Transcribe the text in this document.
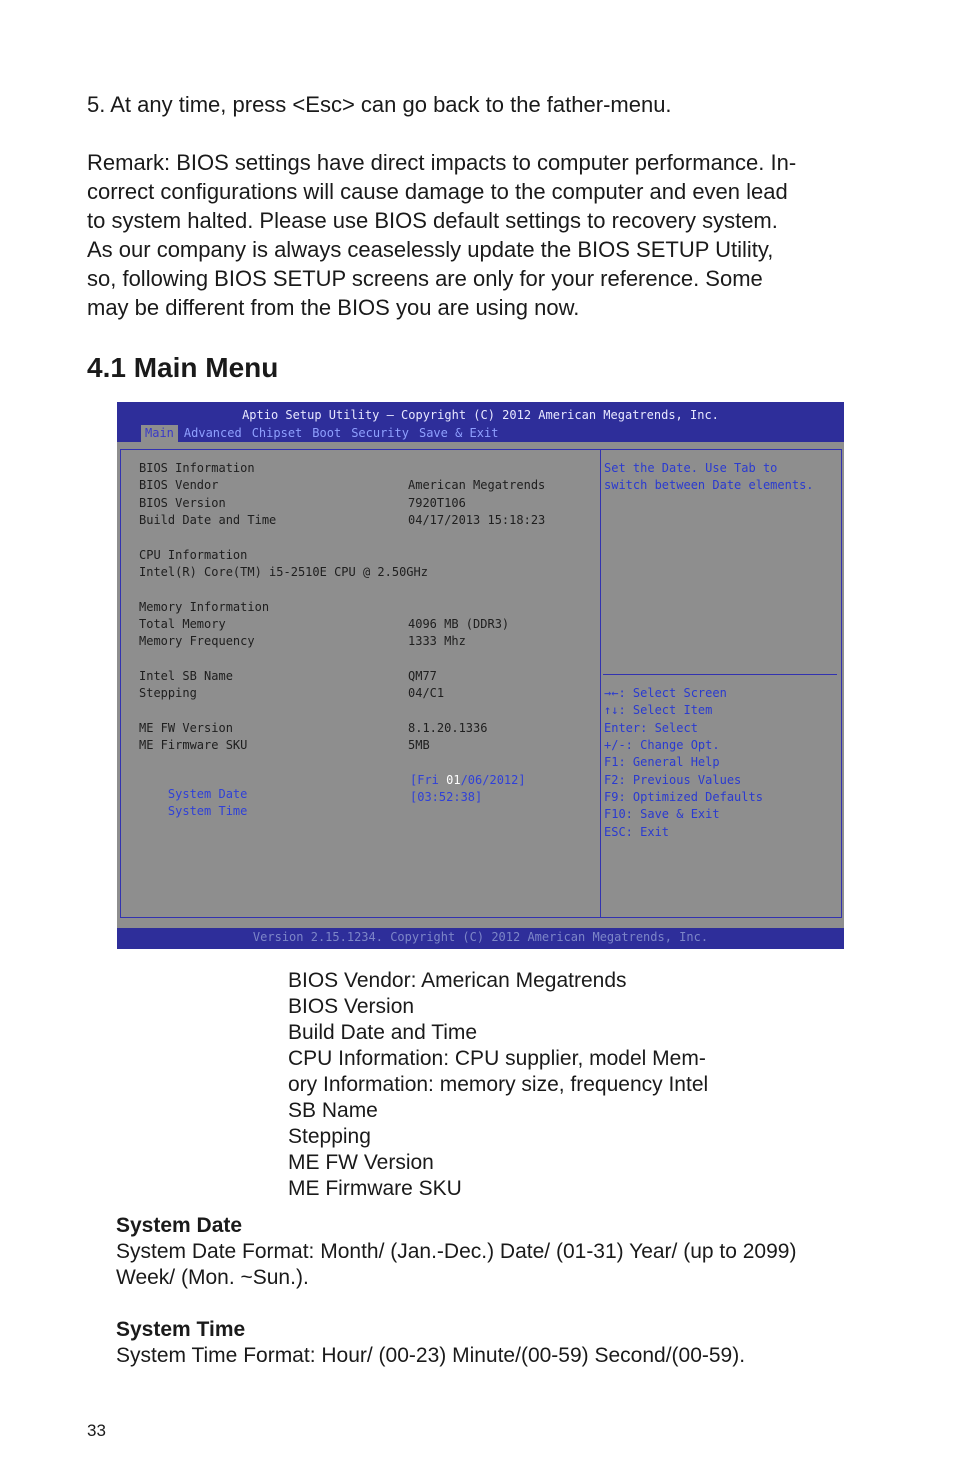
5. At any time, press <Esc> can go back to the father-menu.

Remark: BIOS settings have direct impacts to computer performance. In-

correct configurations will cause damage to the computer and even lead

to system halted. Please use BIOS default settings to recovery system.

As our company is always ceaselessly update the BIOS SETUP Utility,

so, following BIOS SETUP screens are only for your reference. Some

may be different from the BIOS you are using now.

4.1 Main Menu
Aptio Setup Utility – Copyright (C) 2012 American Megatrends, Inc.
Main Advanced Chipset Boot Security Save & Exit
BIOS Information
BIOS Vendor	American Megatrends
BIOS Version	7920T106
Build Date and Time	04/17/2013 15:18:23
CPU Information
Intel(R) Core(TM) i5-2510E CPU @ 2.50GHz
Memory Information
Total Memory	4096 MB (DDR3)
Memory Frequency	1333 Mhz
Intel SB Name	QM77
Stepping	04/C1
ME FW Version	8.1.20.1336
ME Firmware SKU	5MB

System Date

[Fri 01/06/2012]

System Time

[03:52:38]

Set the Date. Use Tab to
switch between Date elements.
→←: Select Screen
↑↓: Select Item
Enter: Select
+/-: Change Opt.
F1: General Help
F2: Previous Values
F9: Optimized Defaults
F10: Save & Exit
ESC: Exit
Version 2.15.1234. Copyright (C) 2012 American Megatrends, Inc.

BIOS Vendor: American Megatrends

BIOS Version

Build Date and Time

CPU Information: CPU supplier, model Mem-

ory Information: memory size, frequency Intel

SB Name

Stepping

ME FW Version

ME Firmware SKU

System Date

System Date Format: Month/ (Jan.-Dec.) Date/ (01-31) Year/ (up to 2099)

Week/ (Mon. ~Sun.).

System Time

System Time Format: Hour/ (00-23) Minute/(00-59) Second/(00-59).

33
